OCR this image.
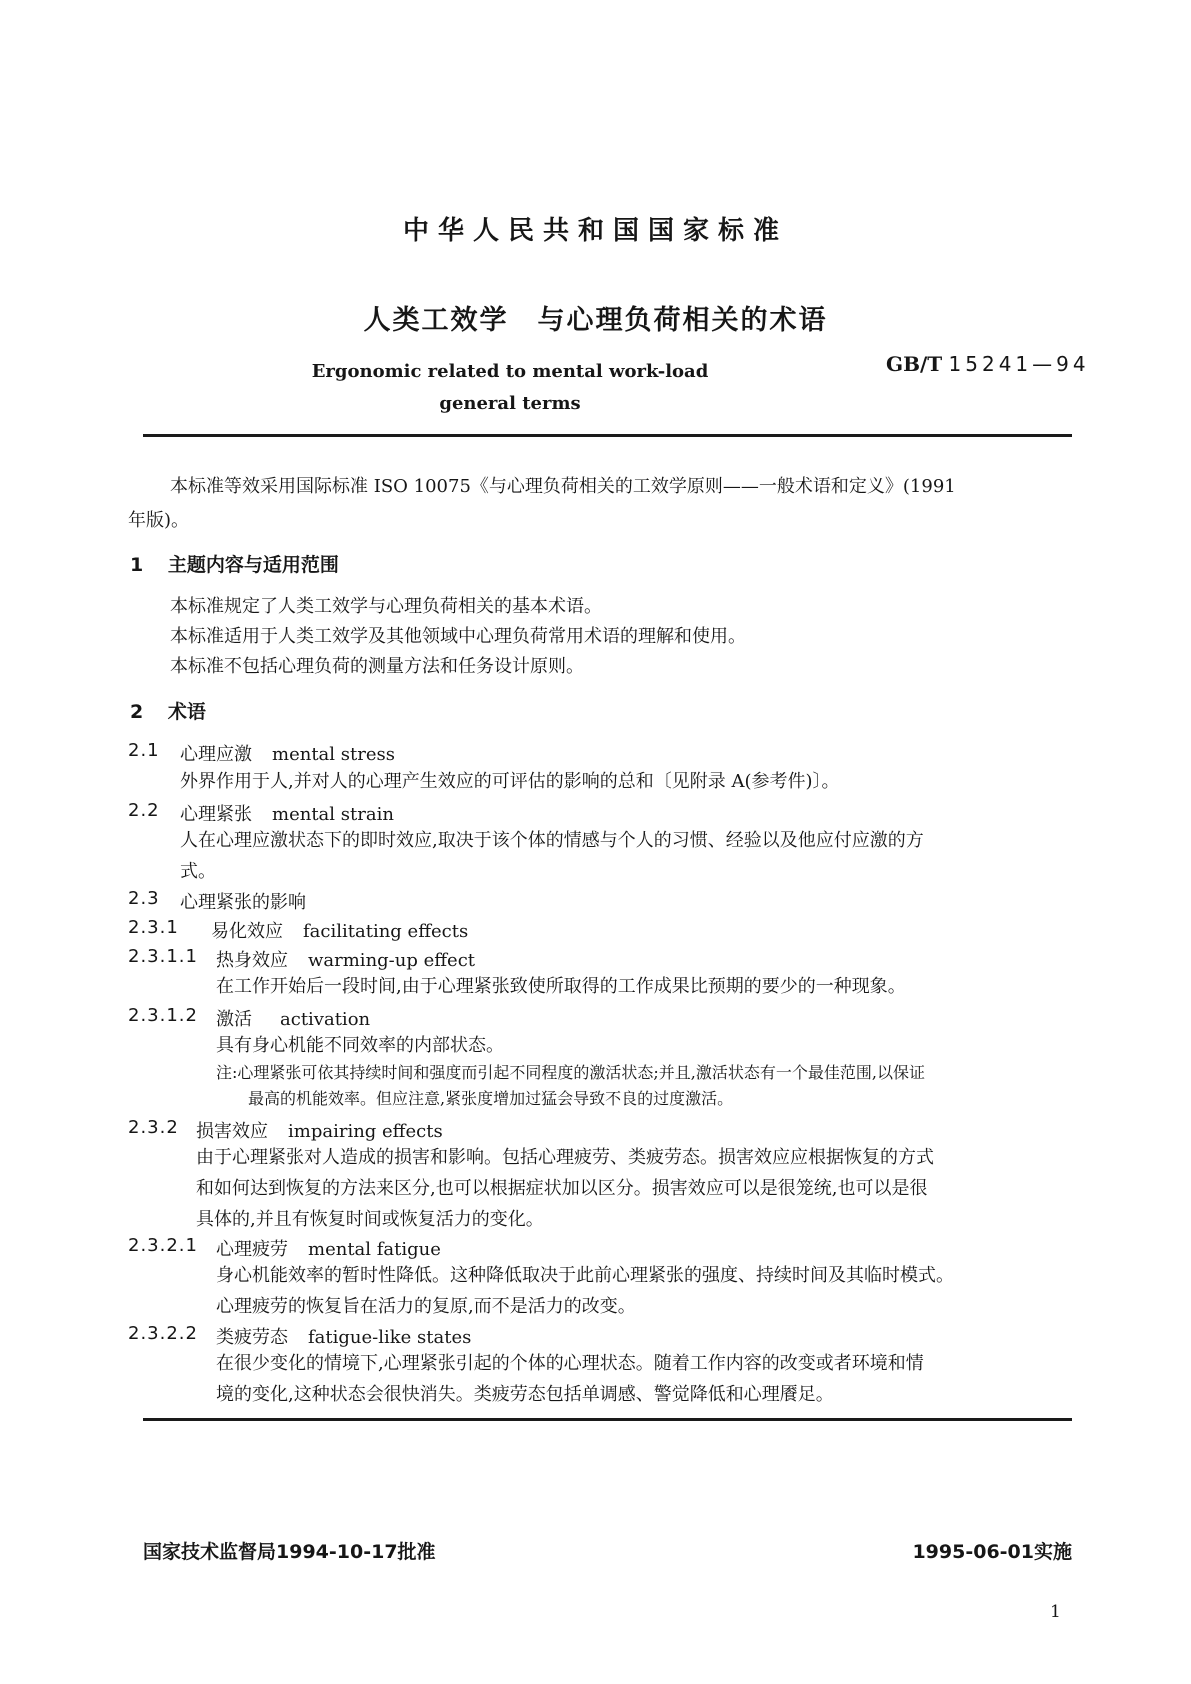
中华人民共和国国家标准
人类工效学　与心理负荷相关的术语
Ergonomic related to mental work-load
general terms
GB/T 15241—94
本标准等效采用国际标准 ISO 10075《与心理负荷相关的工效学原则——一般术语和定义》(1991
年版)。
1 主题内容与适用范围
本标准规定了人类工效学与心理负荷相关的基本术语。
本标准适用于人类工效学及其他领域中心理负荷常用术语的理解和使用。
本标准不包括心理负荷的测量方法和任务设计原则。
2 术语
2.1 心理应激 mental stress
外界作用于人,并对人的心理产生效应的可评估的影响的总和〔见附录 A(参考件)〕。
2.2 心理紧张 mental strain
人在心理应激状态下的即时效应,取决于该个体的情感与个人的习惯、经验以及他应付应激的方
式。
2.3 心理紧张的影响
2.3.1 易化效应 facilitating effects
2.3.1.1 热身效应 warming-up effect
在工作开始后一段时间,由于心理紧张致使所取得的工作成果比预期的要少的一种现象。
2.3.1.2 激活 activation
具有身心机能不同效率的内部状态。
注:心理紧张可依其持续时间和强度而引起不同程度的激活状态;并且,激活状态有一个最佳范围,以保证
最高的机能效率。但应注意,紧张度增加过猛会导致不良的过度激活。
2.3.2 损害效应 impairing effects
由于心理紧张对人造成的损害和影响。包括心理疲劳、类疲劳态。损害效应应根据恢复的方式
和如何达到恢复的方法来区分,也可以根据症状加以区分。损害效应可以是很笼统,也可以是很
具体的,并且有恢复时间或恢复活力的变化。
2.3.2.1 心理疲劳 mental fatigue
身心机能效率的暂时性降低。这种降低取决于此前心理紧张的强度、持续时间及其临时模式。
心理疲劳的恢复旨在活力的复原,而不是活力的改变。
2.3.2.2 类疲劳态 fatigue-like states
在很少变化的情境下,心理紧张引起的个体的心理状态。随着工作内容的改变或者环境和情
境的变化,这种状态会很快消失。类疲劳态包括单调感、警觉降低和心理餍足。
国家技术监督局1994-10-17批准	1995-06-01实施
1
